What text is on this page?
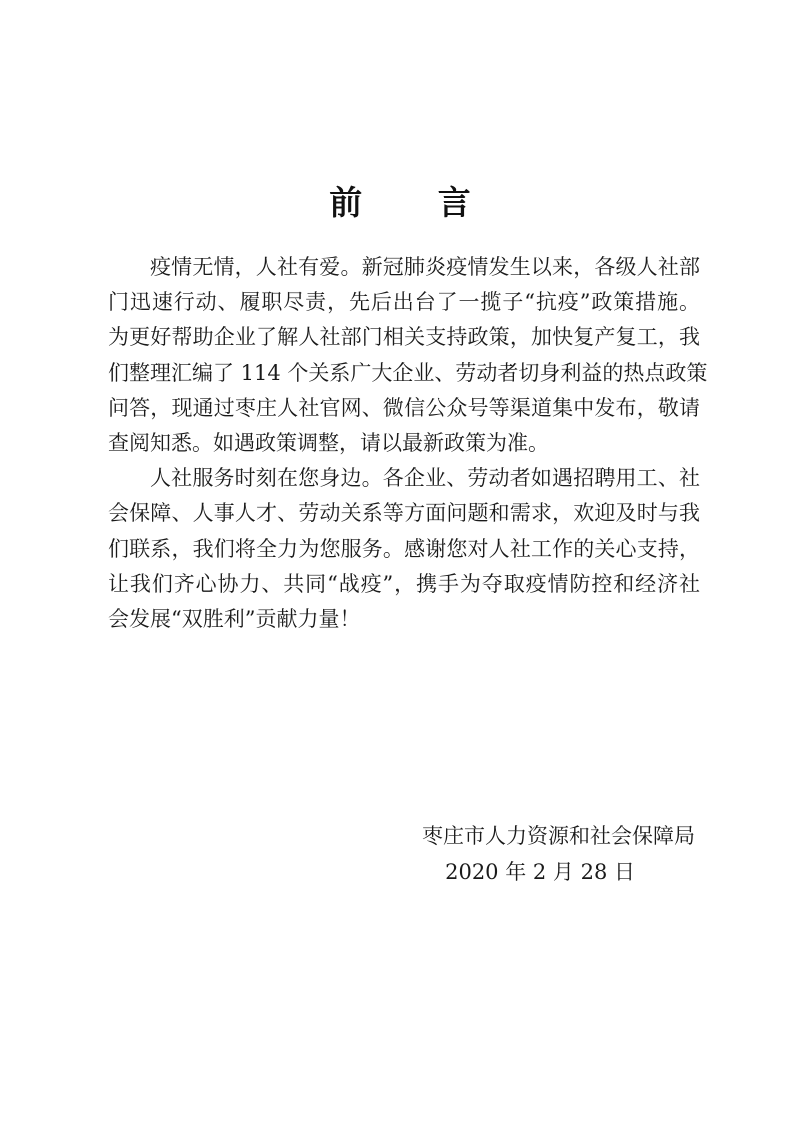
前 言
疫情无情，人社有爱。新冠肺炎疫情发生以来，各级人社部
门迅速行动、履职尽责，先后出台了一揽子“抗疫”政策措施。
为更好帮助企业了解人社部门相关支持政策，加快复产复工，我
们整理汇编了 114 个关系广大企业、劳动者切身利益的热点政策
问答，现通过枣庄人社官网、微信公众号等渠道集中发布，敬请
查阅知悉。如遇政策调整，请以最新政策为准。
人社服务时刻在您身边。各企业、劳动者如遇招聘用工、社
会保障、人事人才、劳动关系等方面问题和需求，欢迎及时与我
们联系，我们将全力为您服务。感谢您对人社工作的关心支持，
让我们齐心协力、共同“战疫”，携手为夺取疫情防控和经济社
会发展“双胜利”贡献力量！
枣庄市人力资源和社会保障局
2020 年 2 月 28 日
